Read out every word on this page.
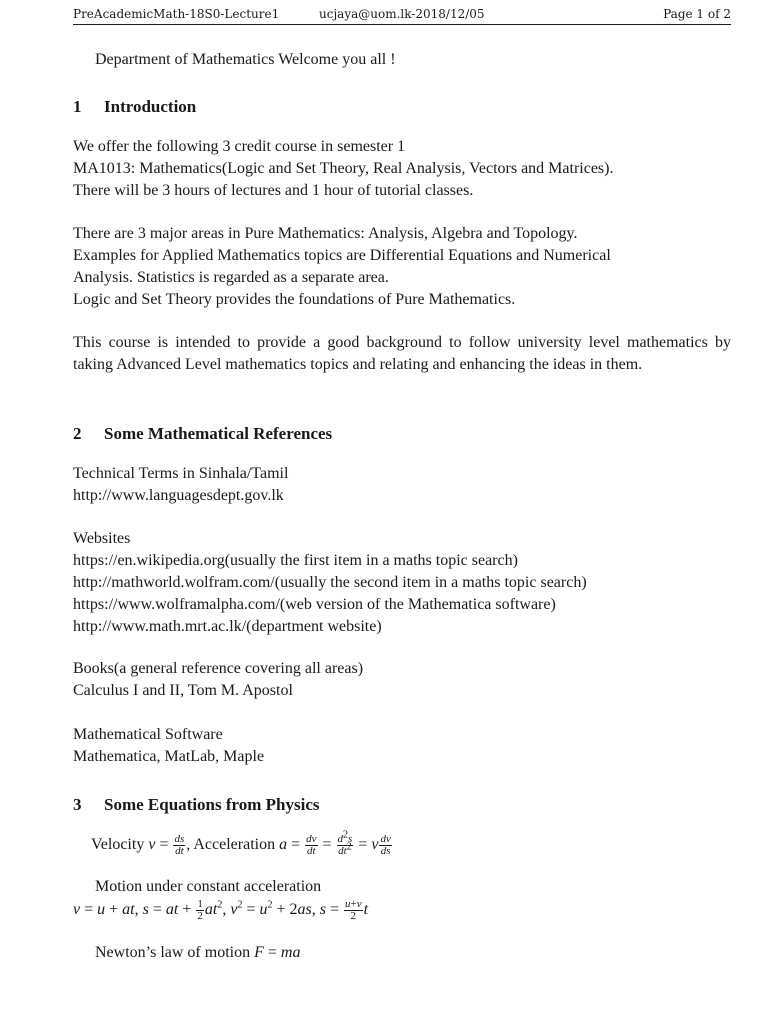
PreAcademicMath-18S0-Lecture1	ucjaya@uom.lk-2018/12/05	Page 1 of 2
Department of Mathematics Welcome you all !
1 Introduction
We offer the following 3 credit course in semester 1
MA1013: Mathematics(Logic and Set Theory, Real Analysis, Vectors and Matrices).
There will be 3 hours of lectures and 1 hour of tutorial classes.
There are 3 major areas in Pure Mathematics: Analysis, Algebra and Topology.
Examples for Applied Mathematics topics are Differential Equations and Numerical
Analysis. Statistics is regarded as a separate area.
Logic and Set Theory provides the foundations of Pure Mathematics.
This course is intended to provide a good background to follow university level mathematics by taking Advanced Level mathematics topics and relating and enhancing the ideas in them.
2 Some Mathematical References
Technical Terms in Sinhala/Tamil
http://www.languagesdept.gov.lk
Websites
https://en.wikipedia.org(usually the first item in a maths topic search)
http://mathworld.wolfram.com/(usually the second item in a maths topic search)
https://www.wolframalpha.com/(web version of the Mathematica software)
http://www.math.mrt.ac.lk/(department website)
Books(a general reference covering all areas)
Calculus I and II, Tom M. Apostol
Mathematical Software
Mathematica, MatLab, Maple
3 Some Equations from Physics
Velocity $v = \frac{ds}{dt}$ , Acceleration $a = \frac{dv}{dt} = \frac{d^2s}{dt^2} = v \frac{dv}{ds}$
Motion under constant acceleration
v = u + at, s = at + $\frac{1}{2} at^2$, $v^2 = u^2 + 2as$, $s = \frac{u+v}{2}$ t
Newton’s law of motion F = ma
